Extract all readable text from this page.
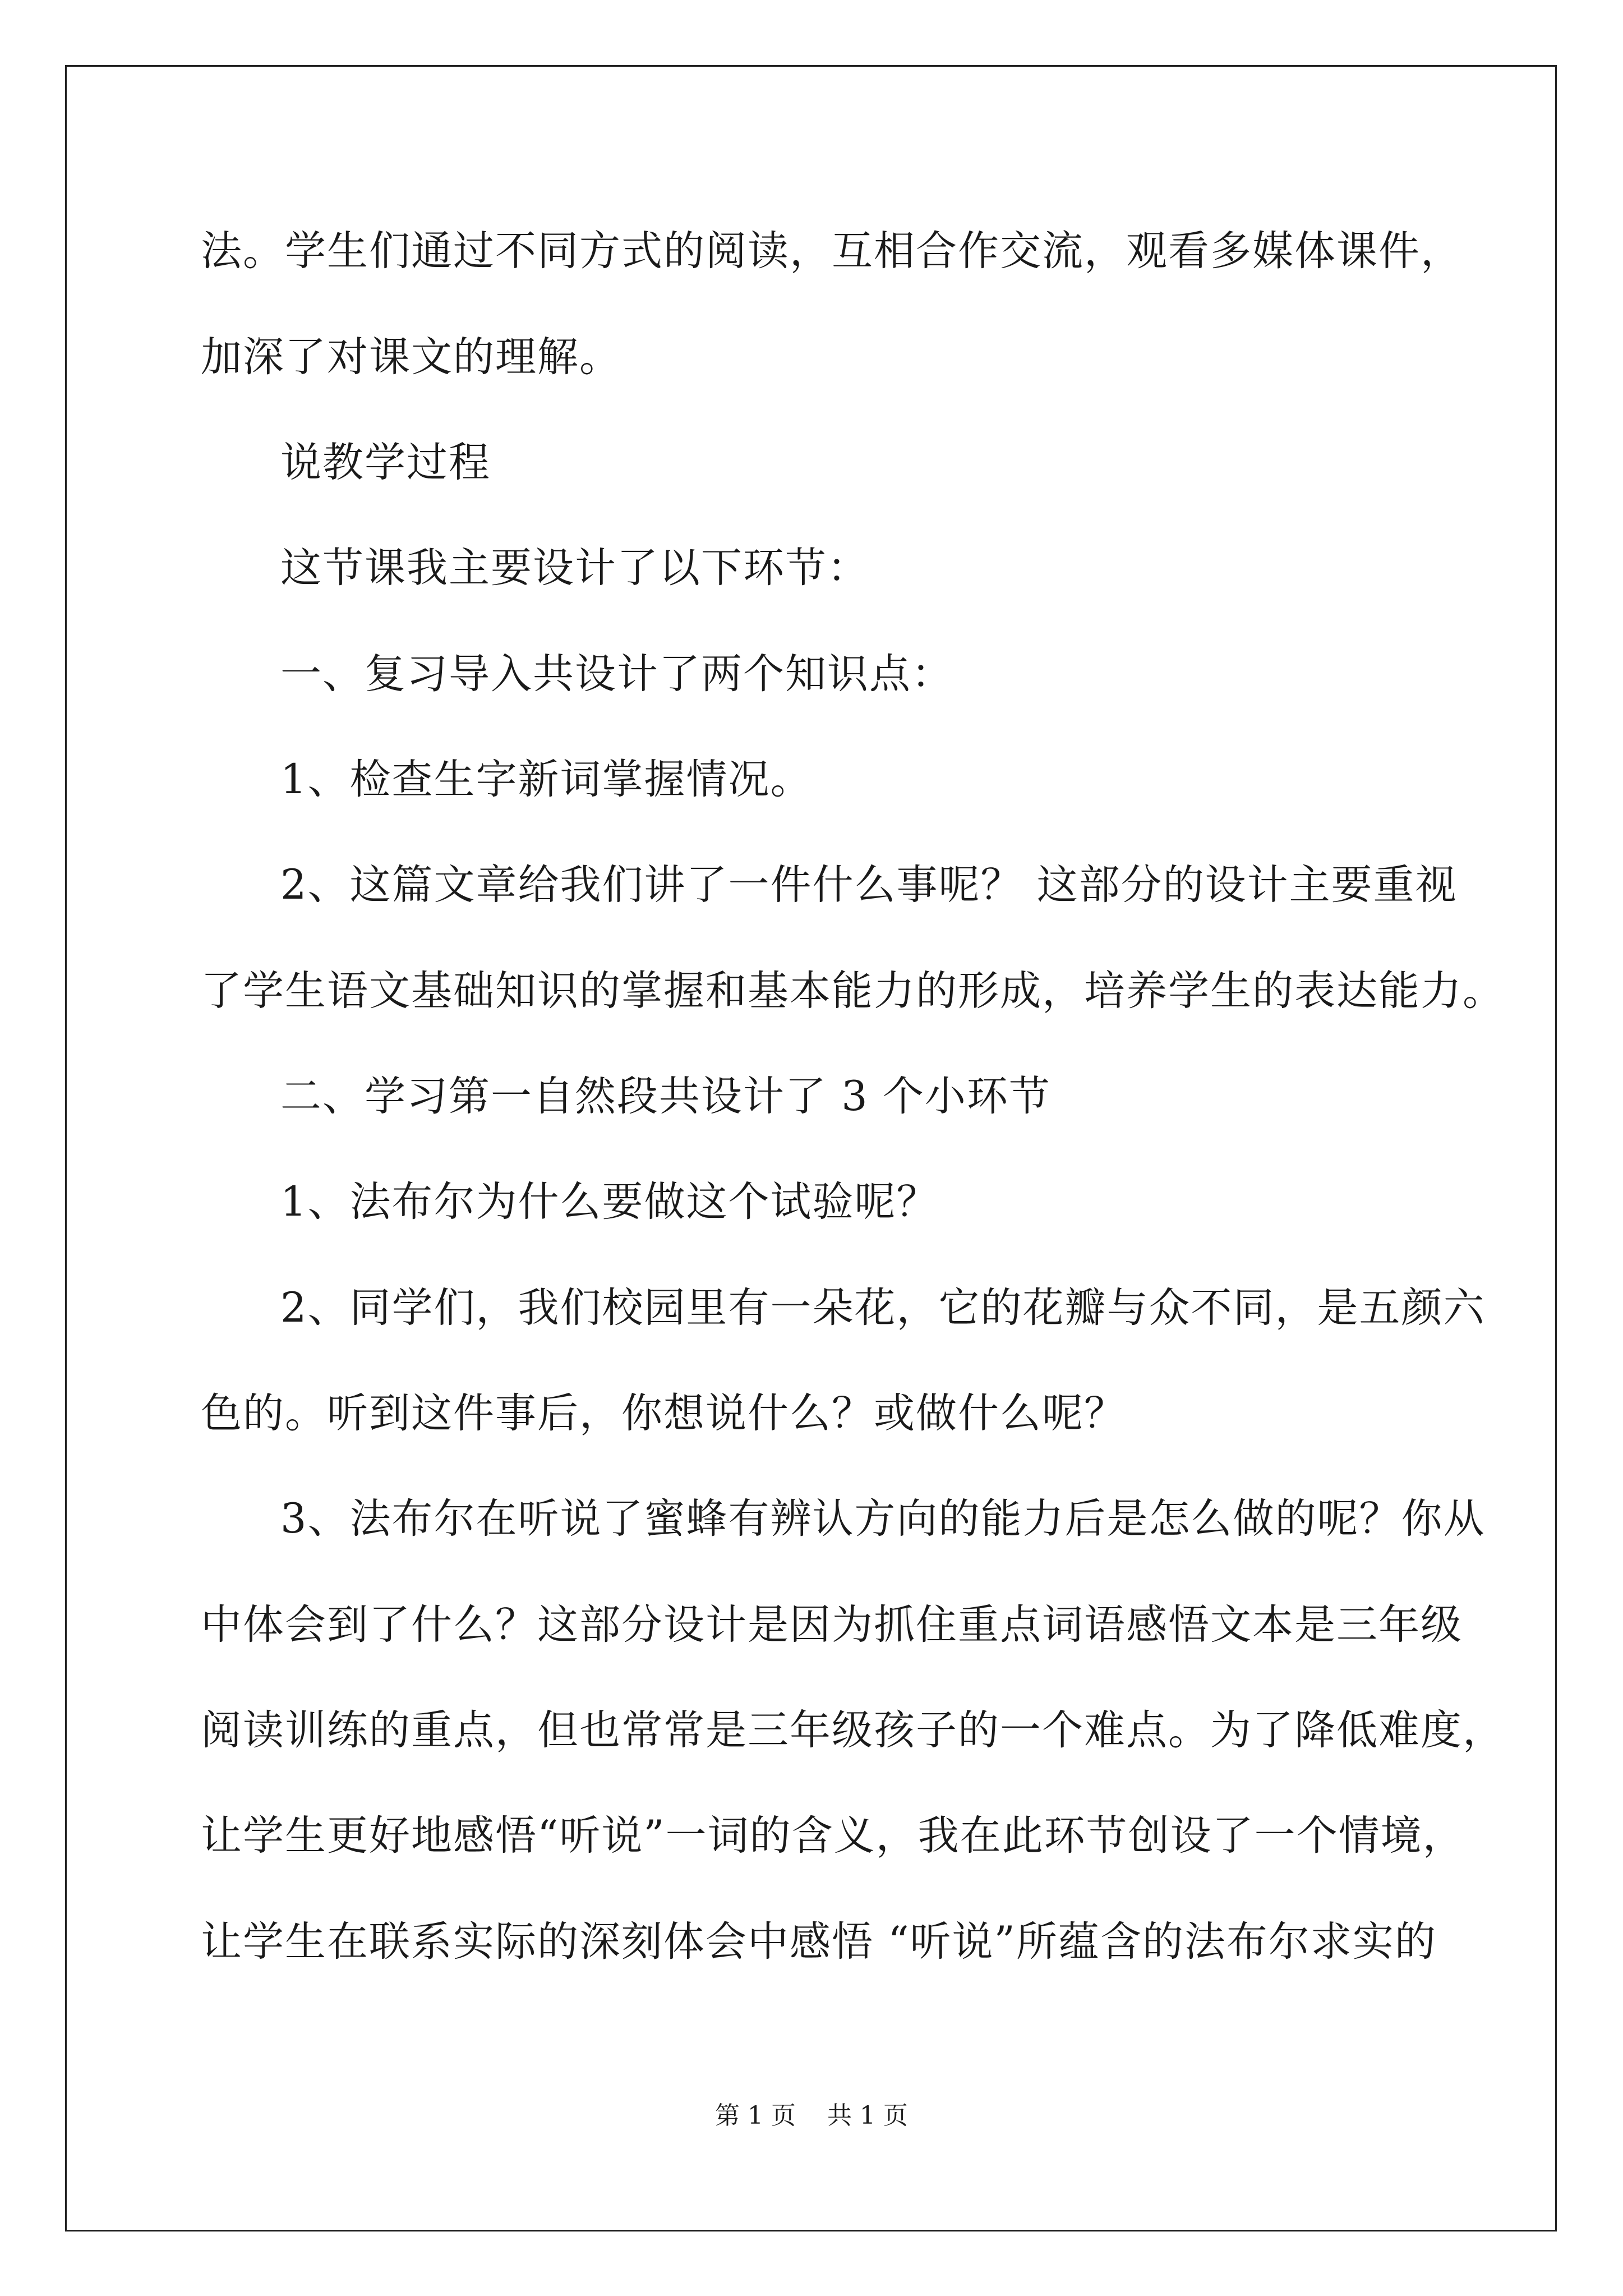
法。学生们通过不同方式的阅读，互相合作交流，观看多媒体课件，
加深了对课文的理解。
说教学过程
这节课我主要设计了以下环节：
一、复习导入共设计了两个知识点：
1、检查生字新词掌握情况。
2、这篇文章给我们讲了一件什么事呢？ 这部分的设计主要重视
了学生语文基础知识的掌握和基本能力的形成，培养学生的表达能力。
二、学习第一自然段共设计了 3 个小环节
1、法布尔为什么要做这个试验呢？
2、同学们，我们校园里有一朵花，它的花瓣与众不同，是五颜六
色的。听到这件事后，你想说什么？或做什么呢？
3、法布尔在听说了蜜蜂有辨认方向的能力后是怎么做的呢？你从
中体会到了什么？这部分设计是因为抓住重点词语感悟文本是三年级
阅读训练的重点，但也常常是三年级孩子的一个难点。为了降低难度，
让学生更好地感悟“听说”一词的含义，我在此环节创设了一个情境，
让学生在联系实际的深刻体会中感悟 “听说”所蕴含的法布尔求实的
第 1 页    共 1 页
